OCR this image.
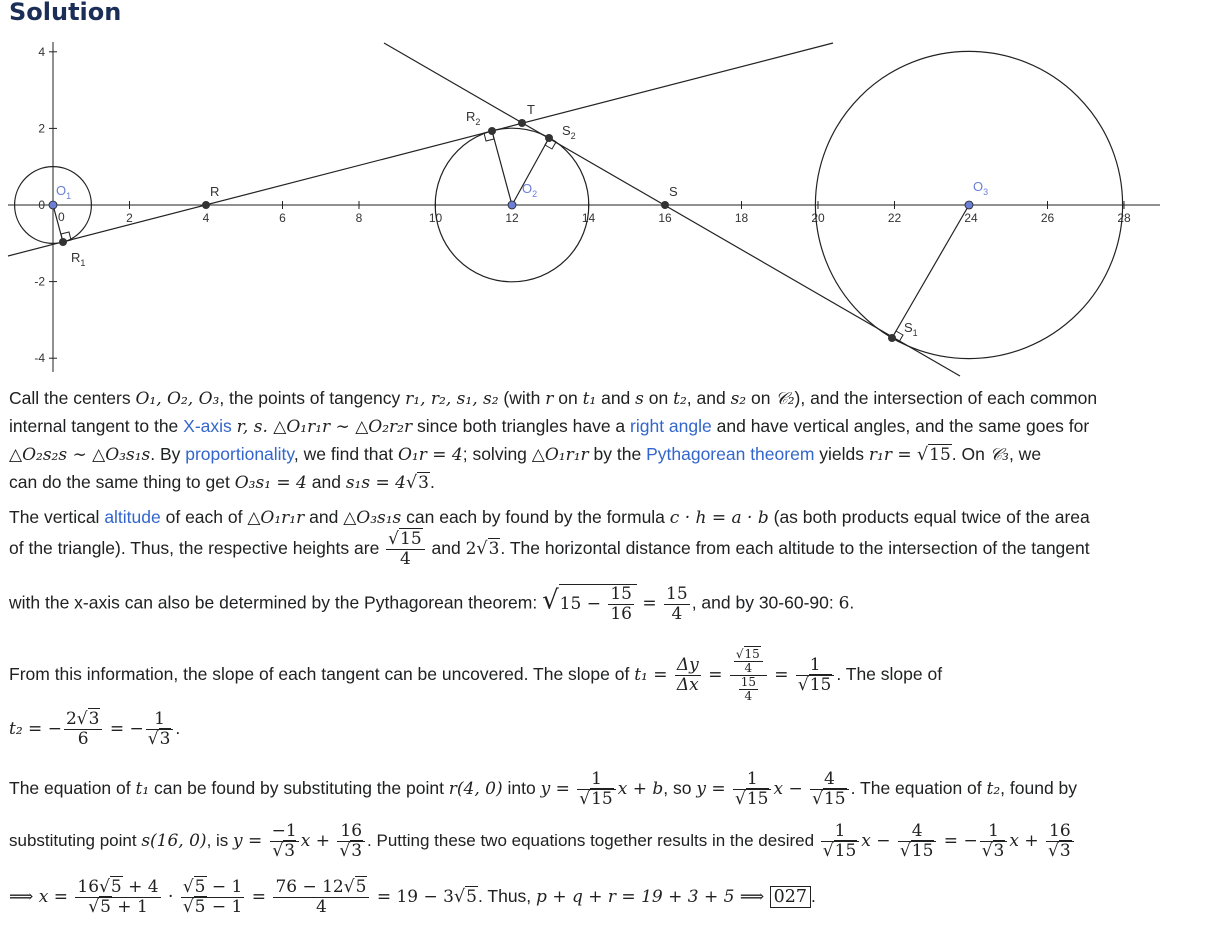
Solution
2	4	6	8	10	12	14	16	18	20	22	24	26	28
4
2
0
-2
-4
0
$O_1$	$O_2$	$O_3$
R
$R_1$
$R_2$
T
$S_2$
S
$S_1$
Call the centers O₁, O₂, O₃, the points of tangency r₁, r₂, s₁, s₂ (with r on t₁ and s on t₂, and s₂ on 𝒞₂), and the intersection of each common
internal tangent to the X-axis r, s. △O₁r₁r ∼ △O₂r₂r since both triangles have a right angle and have vertical angles, and the same goes for
△O₂s₂s ∼ △O₃s₁s. By proportionality, we find that O₁r = 4; solving △O₁r₁r by the Pythagorean theorem yields r₁r = √15. On 𝒞₃, we
can do the same thing to get O₃s₁ = 4 and s₁s = 4√3.
The vertical altitude of each of △O₁r₁r and △O₃s₁s can each by found by the formula c · h = a · b (as both products equal twice of the area
of the triangle). Thus, the respective heights are $\frac{√15}{4}$ and 2√3. The horizontal distance from each altitude to the intersection of the tangent
with the x-axis can also be determined by the Pythagorean theorem: $√15 - \frac{15}{16} = \frac{15}{4}$ , and by 30-60-90: 6.
From this information, the slope of each tangent can be uncovered. The slope of $t_1 = \frac{\Delta y}{\Delta x} = \frac{\frac{√15}{4}}{\frac{15}{4}} = \frac{1}{√15}$ . The slope of
t₂ = − $\frac{2√3}{6}$ = − $\frac{1}{√3}$ .
The equation of t₁ can be found by substituting the point r(4, 0) into $y = \frac{1}{√15}$ x + b, so $y = \frac{1}{√15}$ $x - \frac{4}{√15}$ . The equation of t₂, found by
substituting point s(16, 0), is $y = \frac{-1}{√3}$ $x + \frac{16}{√3}$ . Putting these two equations together results in the desired $\frac{1}{√15}$ $x - \frac{4}{√15}$ = − $\frac{1}{√3}$ $x + \frac{16}{√3}$
⟹ $x = \frac{16√5 + 4}{√5 + 1} \cdot \frac{√5 - 1}{√5 - 1} = \frac{76 - 12√5}{4} = 19 - 3√5$. Thus, p + q + r = 19 + 3 + 5 ⟹ 027 .
